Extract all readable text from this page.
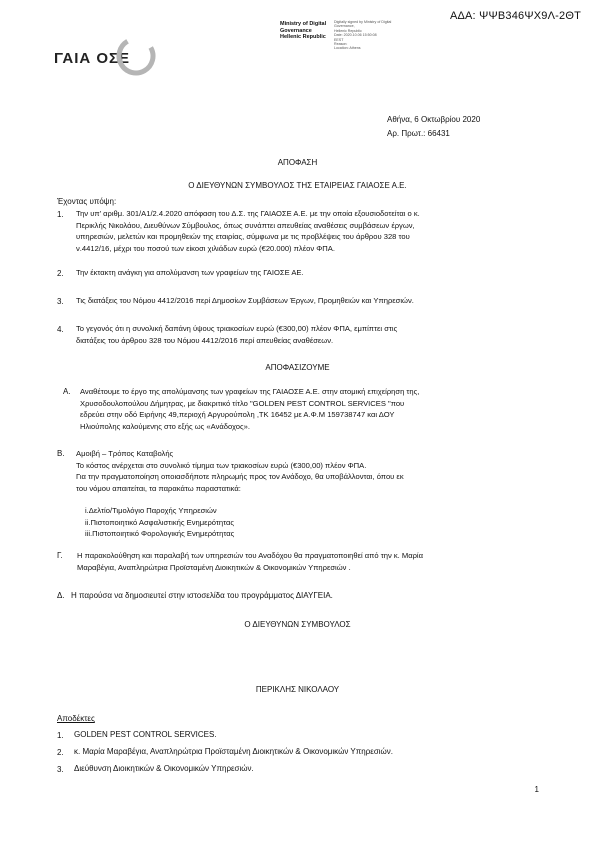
ΑΔΑ: ΨΨΒ346ΨΧ9Λ-2ΘΤ
ΓΑΙΑ ΟΣΕ
Ministry of Digital
Governance
Hellenic Republic
Digitally signed by Ministry of Digital
Governance,
Hellenic Republic
Date: 2020.10.06 15:50:08
EEST
Reason:
Location: Athens
Αθήνα, 6 Οκτωβρίου 2020
Αρ. Πρωτ.: 66431
ΑΠΟΦΑΣΗ
Ο ΔΙΕΥΘΥΝΩΝ ΣΥΜΒΟΥΛΟΣ ΤΗΣ ΕΤΑΙΡΕΙΑΣ ΓΑΙΑΟΣΕ Α.Ε.
Έχοντας υπόψη:
1. Την υπ' αριθμ. 301/Α1/2.4.2020 απόφαση του Δ.Σ. της ΓΑΙΑΟΣΕ Α.Ε. με την οποία εξουσιοδοτείται ο κ.
Περικλής Νικολάου, Διευθύνων Σύμβουλος, όπως συνάπτει απευθείας αναθέσεις συμβάσεων έργων,
υπηρεσιών, μελετών και προμηθειών της εταιρίας, σύμφωνα με τις προβλέψεις του άρθρου 328 του
ν.4412/16, μέχρι του ποσού των είκοσι χιλιάδων ευρώ (€20.000) πλέον ΦΠΑ.
2. Την έκτακτη ανάγκη για απολύμανση των γραφείων της ΓΑΙΟΣΕ ΑΕ.
3. Τις διατάξεις του Νόμου 4412/2016 περί Δημοσίων Συμβάσεων Έργων, Προμηθειών και Υπηρεσιών.
4. Το γεγονός ότι η συνολική δαπάνη ύψους τριακοσίων ευρώ (€300,00) πλέον ΦΠΑ, εμπίπτει στις
διατάξεις του άρθρου 328 του Νόμου 4412/2016 περί απευθείας αναθέσεων.
ΑΠΟΦΑΣΙΖΟΥΜΕ
Α. Αναθέτουμε το έργο της απολύμανσης των γραφείων της ΓΑΙΑΟΣΕ Α.Ε. στην ατομική επιχείρηση της,
Χρυσοδουλοπούλου Δήμητρας, με διακριτικό τίτλο "GOLDEN PEST CONTROL SERVICES "που
εδρεύει στην οδό Ειρήνης 49,περιοχή Αργυρούπολη ,ΤΚ 16452 με Α.Φ.Μ 159738747 και ΔΟΥ
Ηλιούπολης καλούμενης στο εξής ως «Ανάδοχος».
Β. Αμοιβή – Τρόπος Καταβολής
Το κόστος ανέρχεται στο συνολικό τίμημα των τριακοσίων ευρώ (€300,00) πλέον ΦΠΑ.
Για την πραγματοποίηση οποιασδήποτε πληρωμής προς τον Ανάδοχο, θα υποβάλλονται, όπου εκ
του νόμου απαιτείται, τα παρακάτω παραστατικά:
i.Δελτίο/Τιμολόγιο Παροχής Υπηρεσιών
ii.Πιστοποιητικό Ασφαλιστικής Ενημερότητας
iii.Πιστοποιητικό Φορολογικής Ενημερότητας
Γ. Η παρακολούθηση και παραλαβή των υπηρεσιών του Αναδόχου θα πραγματοποιηθεί από την κ. Μαρία
Μαραβέγια, Αναπληρώτρια Προϊσταμένη Διοικητικών & Οικονομικών Υπηρεσιών .
Δ. Η παρούσα να δημοσιευτεί στην ιστοσελίδα του προγράμματος ΔΙΑΥΓΕΙΑ.
Ο ΔΙΕΥΘΥΝΩΝ ΣΥΜΒΟΥΛΟΣ
ΠΕΡΙΚΛΗΣ ΝΙΚΟΛΑΟΥ
Αποδέκτες
1. GOLDEN PEST CONTROL SERVICES.
2. κ. Μαρία Μαραβέγια, Αναπληρώτρια Προϊσταμένη Διοικητικών & Οικονομικών Υπηρεσιών.
3. Διεύθυνση Διοικητικών & Οικονομικών Υπηρεσιών.
1
